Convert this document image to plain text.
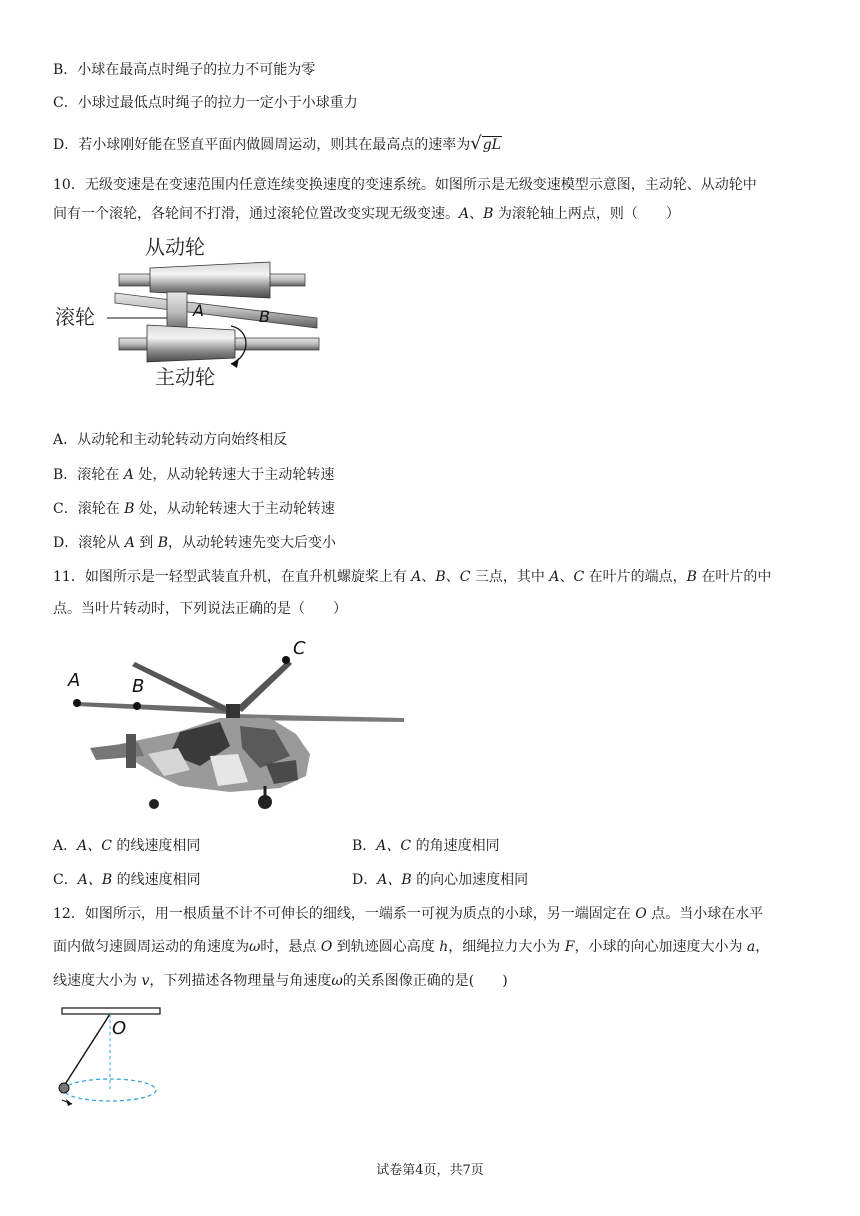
B．小球在最高点时绳子的拉力不可能为零
C．小球过最低点时绳子的拉力一定小于小球重力
D．若小球刚好能在竖直平面内做圆周运动，则其在最高点的速率为√gL
10．无级变速是在变速范围内任意连续变换速度的变速系统。如图所示是无级变速模型示意图，主动轮、从动轮中
间有一个滚轮，各轮间不打滑，通过滚轮位置改变实现无级变速。A、B 为滚轮轴上两点，则（　　）
从动轮
滚轮
主动轮
A	B
A．从动轮和主动轮转动方向始终相反
B．滚轮在 A 处，从动轮转速大于主动轮转速
C．滚轮在 B 处，从动轮转速大于主动轮转速
D．滚轮从 A 到 B，从动轮转速先变大后变小
11．如图所示是一轻型武装直升机，在直升机螺旋桨上有 A、B、C 三点，其中 A、C 在叶片的端点，B 在叶片的中
点。当叶片转动时，下列说法正确的是（　　）
A	B
C
A．A、C 的线速度相同	B．A、C 的角速度相同
C．A、B 的线速度相同	D．A、B 的向心加速度相同
12．如图所示，用一根质量不计不可伸长的细线，一端系一可视为质点的小球，另一端固定在 O 点。当小球在水平
面内做匀速圆周运动的角速度为ω时，悬点 O 到轨迹圆心高度 h，细绳拉力大小为 F，小球的向心加速度大小为 a，
线速度大小为 v，下列描述各物理量与角速度ω的关系图像正确的是(　　)
O
试卷第4页，共7页
